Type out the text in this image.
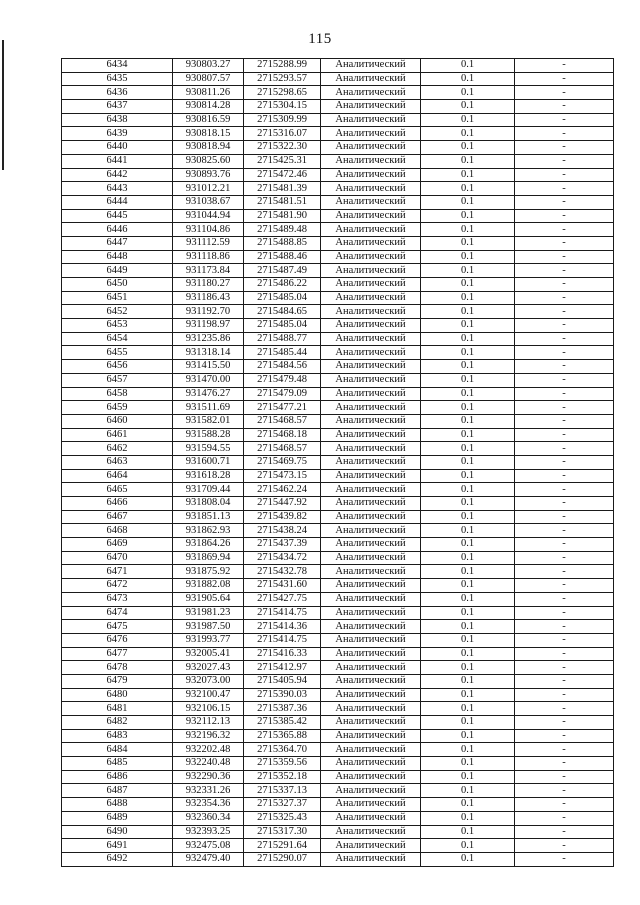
115
6434	930803.27	2715288.99	Аналитический	0.1	-
6435	930807.57	2715293.57	Аналитический	0.1	-
6436	930811.26	2715298.65	Аналитический	0.1	-
6437	930814.28	2715304.15	Аналитический	0.1	-
6438	930816.59	2715309.99	Аналитический	0.1	-
6439	930818.15	2715316.07	Аналитический	0.1	-
6440	930818.94	2715322.30	Аналитический	0.1	-
6441	930825.60	2715425.31	Аналитический	0.1	-
6442	930893.76	2715472.46	Аналитический	0.1	-
6443	931012.21	2715481.39	Аналитический	0.1	-
6444	931038.67	2715481.51	Аналитический	0.1	-
6445	931044.94	2715481.90	Аналитический	0.1	-
6446	931104.86	2715489.48	Аналитический	0.1	-
6447	931112.59	2715488.85	Аналитический	0.1	-
6448	931118.86	2715488.46	Аналитический	0.1	-
6449	931173.84	2715487.49	Аналитический	0.1	-
6450	931180.27	2715486.22	Аналитический	0.1	-
6451	931186.43	2715485.04	Аналитический	0.1	-
6452	931192.70	2715484.65	Аналитический	0.1	-
6453	931198.97	2715485.04	Аналитический	0.1	-
6454	931235.86	2715488.77	Аналитический	0.1	-
6455	931318.14	2715485.44	Аналитический	0.1	-
6456	931415.50	2715484.56	Аналитический	0.1	-
6457	931470.00	2715479.48	Аналитический	0.1	-
6458	931476.27	2715479.09	Аналитический	0.1	-
6459	931511.69	2715477.21	Аналитический	0.1	-
6460	931582.01	2715468.57	Аналитический	0.1	-
6461	931588.28	2715468.18	Аналитический	0.1	-
6462	931594.55	2715468.57	Аналитический	0.1	-
6463	931600.71	2715469.75	Аналитический	0.1	-
6464	931618.28	2715473.15	Аналитический	0.1	-
6465	931709.44	2715462.24	Аналитический	0.1	-
6466	931808.04	2715447.92	Аналитический	0.1	-
6467	931851.13	2715439.82	Аналитический	0.1	-
6468	931862.93	2715438.24	Аналитический	0.1	-
6469	931864.26	2715437.39	Аналитический	0.1	-
6470	931869.94	2715434.72	Аналитический	0.1	-
6471	931875.92	2715432.78	Аналитический	0.1	-
6472	931882.08	2715431.60	Аналитический	0.1	-
6473	931905.64	2715427.75	Аналитический	0.1	-
6474	931981.23	2715414.75	Аналитический	0.1	-
6475	931987.50	2715414.36	Аналитический	0.1	-
6476	931993.77	2715414.75	Аналитический	0.1	-
6477	932005.41	2715416.33	Аналитический	0.1	-
6478	932027.43	2715412.97	Аналитический	0.1	-
6479	932073.00	2715405.94	Аналитический	0.1	-
6480	932100.47	2715390.03	Аналитический	0.1	-
6481	932106.15	2715387.36	Аналитический	0.1	-
6482	932112.13	2715385.42	Аналитический	0.1	-
6483	932196.32	2715365.88	Аналитический	0.1	-
6484	932202.48	2715364.70	Аналитический	0.1	-
6485	932240.48	2715359.56	Аналитический	0.1	-
6486	932290.36	2715352.18	Аналитический	0.1	-
6487	932331.26	2715337.13	Аналитический	0.1	-
6488	932354.36	2715327.37	Аналитический	0.1	-
6489	932360.34	2715325.43	Аналитический	0.1	-
6490	932393.25	2715317.30	Аналитический	0.1	-
6491	932475.08	2715291.64	Аналитический	0.1	-
6492	932479.40	2715290.07	Аналитический	0.1	-
